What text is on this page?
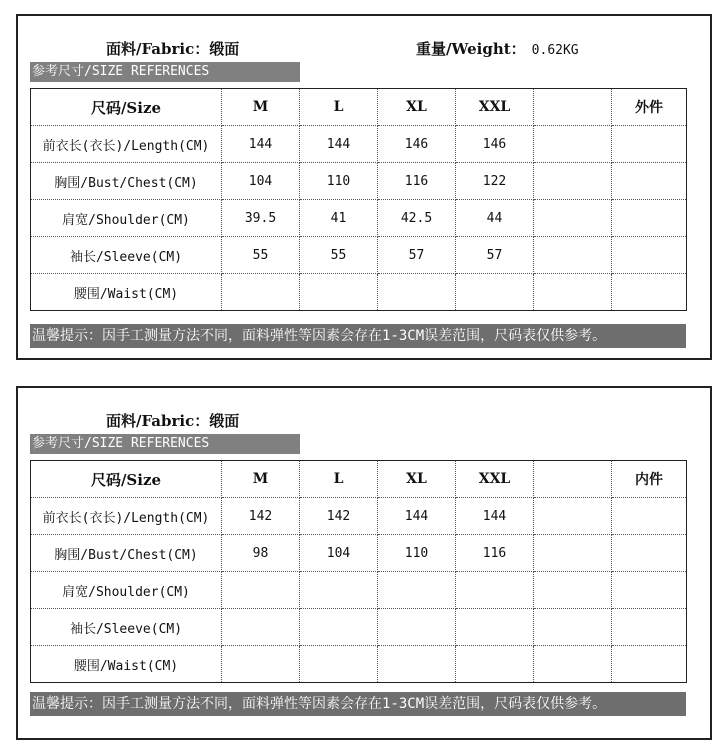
面料/Fabric：缎面	重量/Weight： 0.62KG
参考尺寸/SIZE REFERENCES
尺码/Size	M	L	XL	XXL		外件
前衣长(衣长)/Length(CM)	144	144	146	146		
胸围/Bust/Chest(CM)	104	110	116	122		
肩宽/Shoulder(CM)	39.5	41	42.5	44		
袖长/Sleeve(CM)	55	55	57	57		
腰围/Waist(CM)						
温馨提示：因手工测量方法不同，面料弹性等因素会存在1-3CM误差范围，尺码表仅供参考。
面料/Fabric：缎面
参考尺寸/SIZE REFERENCES
尺码/Size	M	L	XL	XXL		内件
前衣长(衣长)/Length(CM)	142	142	144	144		
胸围/Bust/Chest(CM)	98	104	110	116		
肩宽/Shoulder(CM)						
袖长/Sleeve(CM)						
腰围/Waist(CM)						
温馨提示：因手工测量方法不同，面料弹性等因素会存在1-3CM误差范围，尺码表仅供参考。
